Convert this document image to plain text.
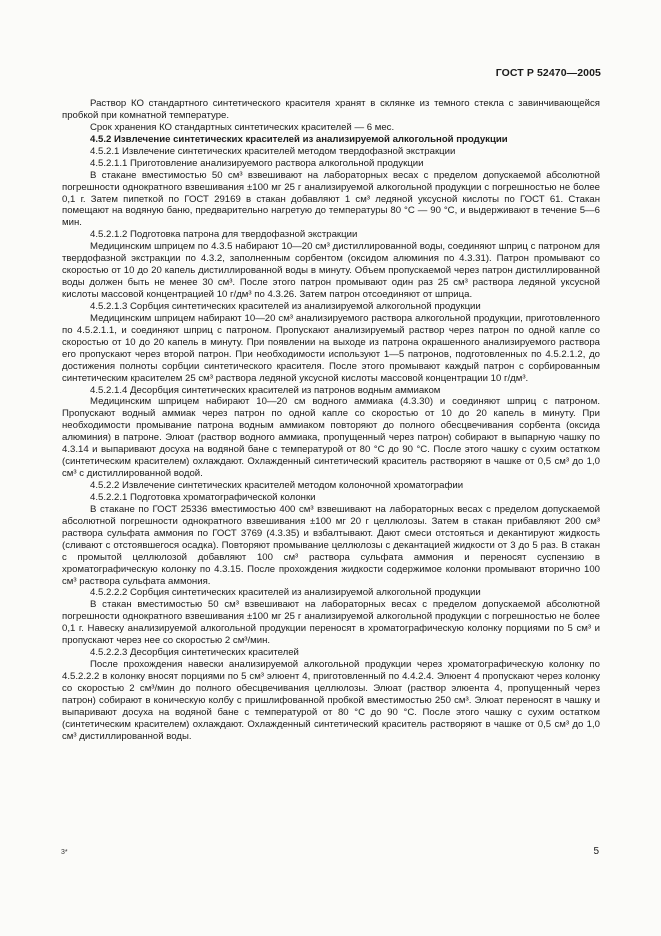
ГОСТ Р 52470—2005

Раствор КО стандартного синтетического красителя хранят в склянке из темного стекла с завинчивающейся пробкой при комнатной температуре.

Срок хранения КО стандартных синтетических красителей — 6 мес.

4.5.2 Извлечение синтетических красителей из анализируемой алкогольной продукции

4.5.2.1 Извлечение синтетических красителей методом твердофазной экстракции

4.5.2.1.1 Приготовление анализируемого раствора алкогольной продукции

В стакане вместимостью 50 см³ взвешивают на лабораторных весах с пределом допускаемой абсолютной погрешности однократного взвешивания ±100 мг 25 г анализируемой алкогольной продукции с погрешностью не более 0,1 г. Затем пипеткой по ГОСТ 29169 в стакан добавляют 1 см³ ледяной уксусной кислоты по ГОСТ 61. Стакан помещают на водяную баню, предварительно нагретую до температуры 80 °С — 90 °С, и выдерживают в течение 5—6 мин.

4.5.2.1.2 Подготовка патрона для твердофазной экстракции

Медицинским шприцем по 4.3.5 набирают 10—20 см³ дистиллированной воды, соединяют шприц с патроном для твердофазной экстракции по 4.3.2, заполненным сорбентом (оксидом алюминия по 4.3.31). Патрон промывают со скоростью от 10 до 20 капель дистиллированной воды в минуту. Объем пропускаемой через патрон дистиллированной воды должен быть не менее 30 см³. После этого патрон промывают один раз 25 см³ раствора ледяной уксусной кислоты массовой концентрацией 10 г/дм³ по 4.3.26. Затем патрон отсоединяют от шприца.

4.5.2.1.3 Сорбция синтетических красителей из анализируемой алкогольной продукции

Медицинским шприцем набирают 10—20 см³ анализируемого раствора алкогольной продукции, приготовленного по 4.5.2.1.1, и соединяют шприц с патроном. Пропускают анализируемый раствор через патрон по одной капле со скоростью от 10 до 20 капель в минуту. При появлении на выходе из патрона окрашенного анализируемого раствора его пропускают через второй патрон. При необходимости используют 1—5 патронов, подготовленных по 4.5.2.1.2, до достижения полноты сорбции синтетического красителя. После этого промывают каждый патрон с сорбированным синтетическим красителем 25 см³ раствора ледяной уксусной кислоты массовой концентрации 10 г/дм³.

4.5.2.1.4 Десорбция синтетических красителей из патронов водным аммиаком

Медицинским шприцем набирают 10—20 см водного аммиака (4.3.30) и соединяют шприц с патроном. Пропускают водный аммиак через патрон по одной капле со скоростью от 10 до 20 капель в минуту. При необходимости промывание патрона водным аммиаком повторяют до полного обесцвечивания сорбента (оксида алюминия) в патроне. Элюат (раствор водного аммиака, пропущенный через патрон) собирают в выпарную чашку по 4.3.14 и выпаривают досуха на водяной бане с температурой от 80 °С до 90 °С. После этого чашку с сухим остатком (синтетическим красителем) охлаждают. Охлажденный синтетический краситель растворяют в чашке от 0,5 см³ до 1,0 см³ с дистиллированной водой.

4.5.2.2 Извлечение синтетических красителей методом колоночной хроматографии

4.5.2.2.1 Подготовка хроматографической колонки

В стакане по ГОСТ 25336 вместимостью 400 см³ взвешивают на лабораторных весах с пределом допускаемой абсолютной погрешности однократного взвешивания ±100 мг 20 г целлюлозы. Затем в стакан прибавляют 200 см³ раствора сульфата аммония по ГОСТ 3769 (4.3.35) и взбалтывают. Дают смеси отстояться и декантируют жидкость (сливают с отстоявшегося осадка). Повторяют промывание целлюлозы с декантацией жидкости от 3 до 5 раз. В стакан с промытой целлюлозой добавляют 100 см³ раствора сульфата аммония и переносят суспензию в хроматографическую колонку по 4.3.15. После прохождения жидкости содержимое колонки промывают вторично 100 см³ раствора сульфата аммония.

4.5.2.2.2 Сорбция синтетических красителей из анализируемой алкогольной продукции

В стакан вместимостью 50 см³ взвешивают на лабораторных весах с пределом допускаемой абсолютной погрешности однократного взвешивания ±100 мг 25 г анализируемой алкогольной продукции с погрешностью не более 0,1 г. Навеску анализируемой алкогольной продукции переносят в хроматографическую колонку порциями по 5 см³ и пропускают через нее со скоростью 2 см³/мин.

4.5.2.2.3 Десорбция синтетических красителей

После прохождения навески анализируемой алкогольной продукции через хроматографическую колонку по 4.5.2.2.2 в колонку вносят порциями по 5 см³ элюент 4, приготовленный по 4.4.2.4. Элюент 4 пропускают через колонку со скоростью 2 см³/мин до полного обесцвечивания целлюлозы. Элюат (раствор элюента 4, пропущенный через патрон) собирают в коническую колбу с пришлифованной пробкой вместимостью 250 см³. Элюат переносят в чашку и выпаривают досуха на водяной бане с температурой от 80 °С до 90 °С. После этого чашку с сухим остатком (синтетическим красителем) охлаждают. Охлажденный синтетический краситель растворяют в чашке от 0,5 см³ до 1,0 см³ дистиллированной воды.

3*	5
